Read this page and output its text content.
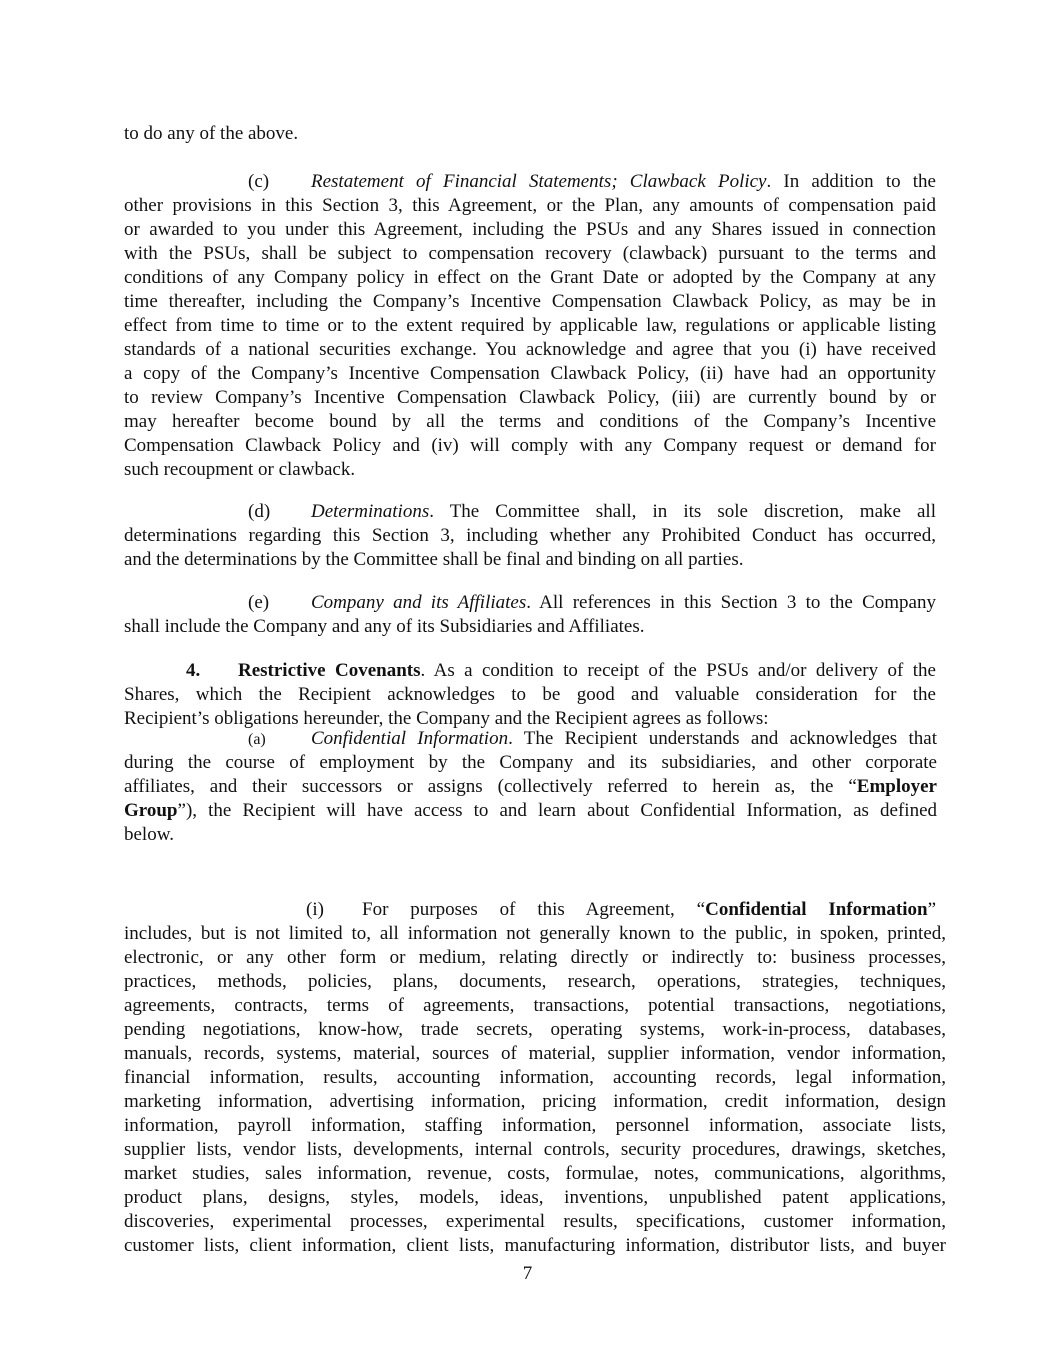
to do any of the above.
(c) Restatement of Financial Statements; Clawback Policy. In addition to the
other provisions in this Section 3, this Agreement, or the Plan, any amounts of compensation paid
or awarded to you under this Agreement, including the PSUs and any Shares issued in connection
with the PSUs, shall be subject to compensation recovery (clawback) pursuant to the terms and
conditions of any Company policy in effect on the Grant Date or adopted by the Company at any
time thereafter, including the Company’s Incentive Compensation Clawback Policy, as may be in
effect from time to time or to the extent required by applicable law, regulations or applicable listing
standards of a national securities exchange. You acknowledge and agree that you (i) have received
a copy of the Company’s Incentive Compensation Clawback Policy, (ii) have had an opportunity
to review Company’s Incentive Compensation Clawback Policy, (iii) are currently bound by or
may hereafter become bound by all the terms and conditions of the Company’s Incentive
Compensation Clawback Policy and (iv) will comply with any Company request or demand for
such recoupment or clawback.
(d) Determinations. The Committee shall, in its sole discretion, make all
determinations regarding this Section 3, including whether any Prohibited Conduct has occurred,
and the determinations by the Committee shall be final and binding on all parties.
(e) Company and its Affiliates. All references in this Section 3 to the Company
shall include the Company and any of its Subsidiaries and Affiliates.
4. Restrictive Covenants. As a condition to receipt of the PSUs and/or delivery of the
Shares, which the Recipient acknowledges to be good and valuable consideration for the
Recipient’s obligations hereunder, the Company and the Recipient agrees as follows:
(a) Confidential Information. The Recipient understands and acknowledges that
during the course of employment by the Company and its subsidiaries, and other corporate
affiliates, and their successors or assigns (collectively referred to herein as, the “Employer
Group”), the Recipient will have access to and learn about Confidential Information, as defined
below.
(i) For purposes of this Agreement, “Confidential Information”
includes, but is not limited to, all information not generally known to the public, in spoken, printed,
electronic, or any other form or medium, relating directly or indirectly to: business processes,
practices, methods, policies, plans, documents, research, operations, strategies, techniques,
agreements, contracts, terms of agreements, transactions, potential transactions, negotiations,
pending negotiations, know-how, trade secrets, operating systems, work-in-process, databases,
manuals, records, systems, material, sources of material, supplier information, vendor information,
financial information, results, accounting information, accounting records, legal information,
marketing information, advertising information, pricing information, credit information, design
information, payroll information, staffing information, personnel information, associate lists,
supplier lists, vendor lists, developments, internal controls, security procedures, drawings, sketches,
market studies, sales information, revenue, costs, formulae, notes, communications, algorithms,
product plans, designs, styles, models, ideas, inventions, unpublished patent applications,
discoveries, experimental processes, experimental results, specifications, customer information,
customer lists, client information, client lists, manufacturing information, distributor lists, and buyer
7
